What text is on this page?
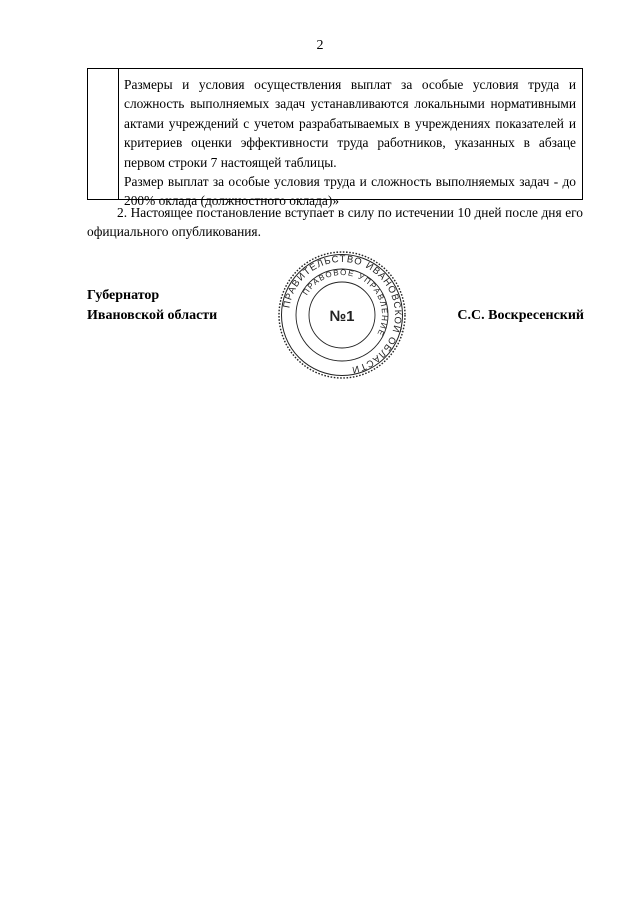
2

Размеры и условия осуществления выплат за особые условия труда и сложность выполняемых задач устанавливаются локальными нормативными актами учреждений с учетом разрабатываемых в учреждениях показателей и критериев оценки эффективности труда работников, указанных в абзаце первом строки 7 настоящей таблицы.

Размер выплат за особые условия труда и сложность выполняемых задач - до 200% оклада (должностного оклада)»

2. Настоящее постановление вступает в силу по истечении 10 дней после дня его официального опубликования.

Губернатор
Ивановской области	С.С. Воскресенский
ПРАВИТЕЛЬСТВО ИВАНОВСКОЙ ОБЛАСТИ
ПРАВОВОЕ УПРАВЛЕНИЕ
№1
